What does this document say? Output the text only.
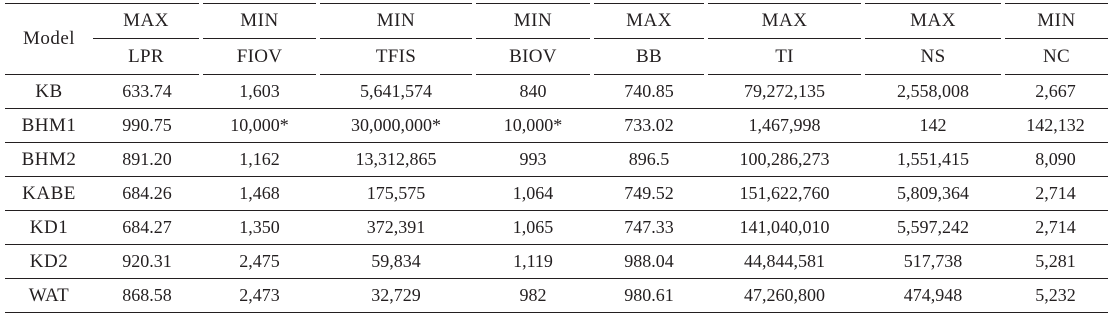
Model	MAX	MIN	MIN	MIN	MAX	MAX	MAX	MIN
	LPR	FIOV	TFIS	BIOV	BB	TI	NS	NC
KB	633.74	1,603	5,641,574	840	740.85	79,272,135	2,558,008	2,667
BHM1	990.75	10,000*	30,000,000*	10,000*	733.02	1,467,998	142	142,132
BHM2	891.20	1,162	13,312,865	993	896.5	100,286,273	1,551,415	8,090
KABE	684.26	1,468	175,575	1,064	749.52	151,622,760	5,809,364	2,714
KD1	684.27	1,350	372,391	1,065	747.33	141,040,010	5,597,242	2,714
KD2	920.31	2,475	59,834	1,119	988.04	44,844,581	517,738	5,281
WAT	868.58	2,473	32,729	982	980.61	47,260,800	474,948	5,232
